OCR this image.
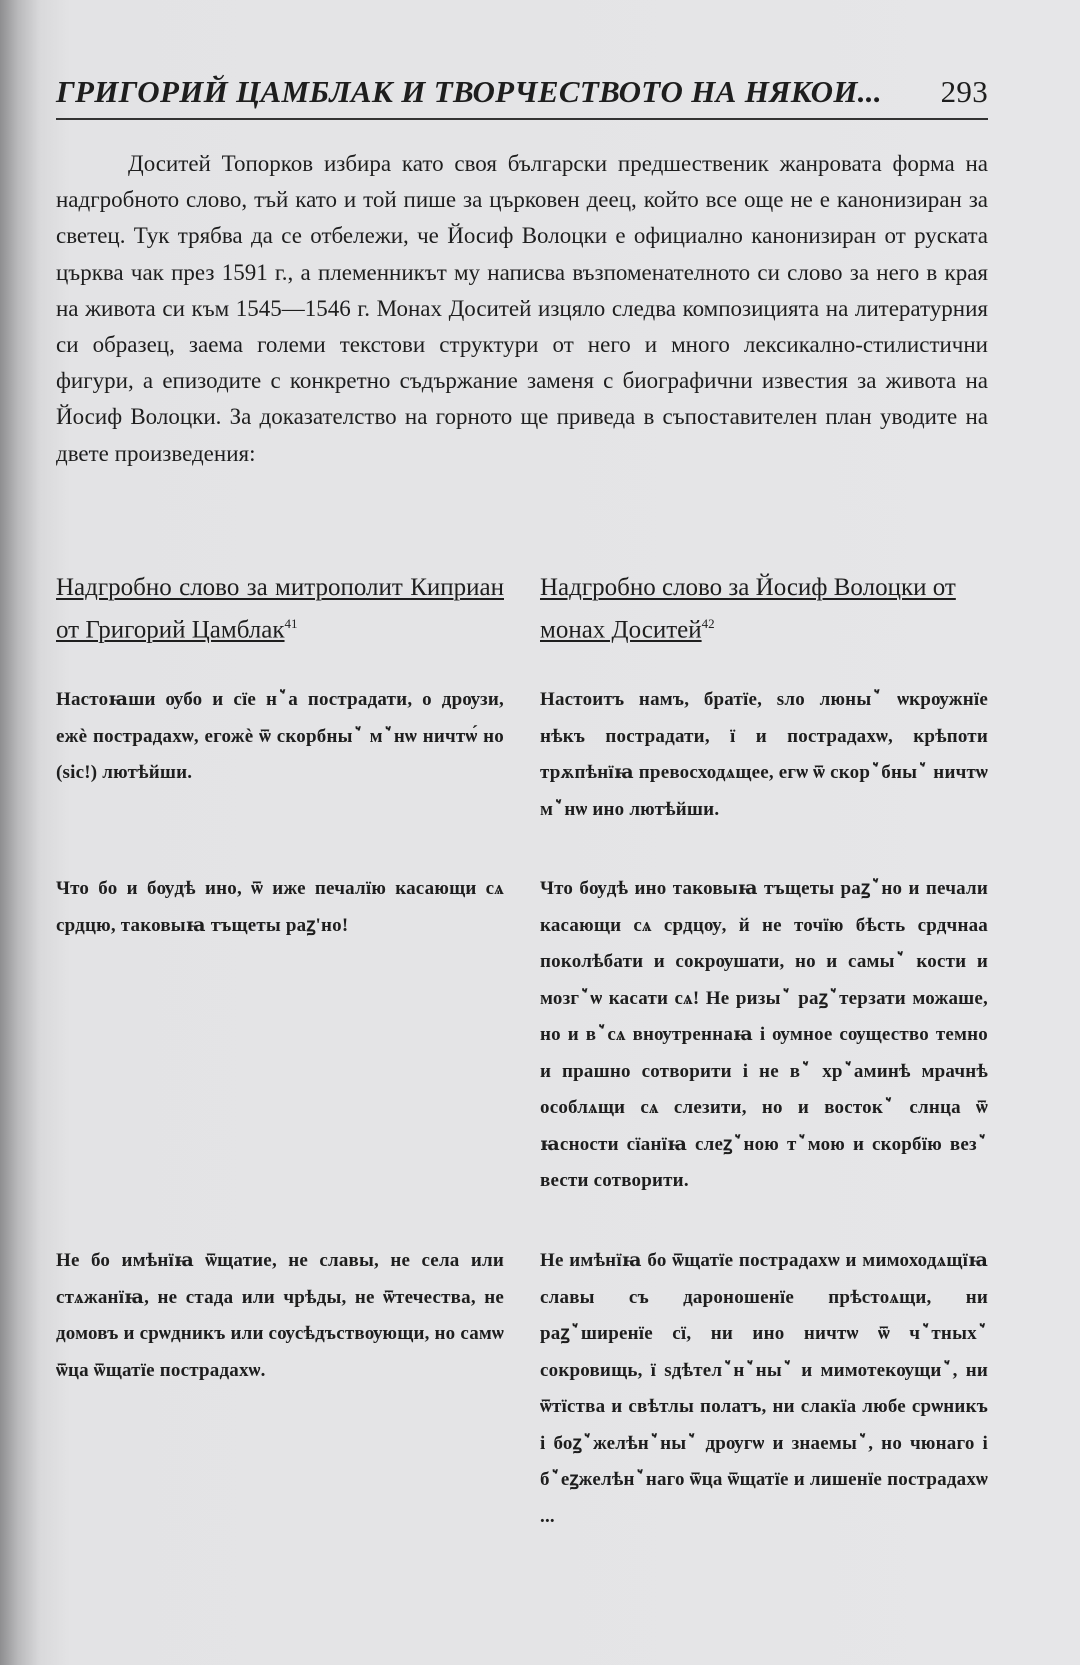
ГРИГОРИЙ ЦАМБЛАК И ТВОРЧЕСТВОТО НА НЯКОИ... 293

Доситей Топорков избира като своя български предшественик жанровата форма на надгробното слово, тъй като и той пише за църковен деец, който все още не е канонизиран за светец. Тук трябва да се отбележи, че Йосиф Волоцки е официално канонизиран от руската църква чак през 1591 г., а племенникът му написва възпоменателното си слово за него в края на живота си към 1545—1546 г. Монах Доситей изцяло следва композицията на литературния си образец, заема големи текстови структури от него и много лексикално-стилистични фигури, а епизодите с конкретно съдържание заменя с биографични известия за живота на Йосиф Волоцки. За доказателство на горното ще приведа в съпоставителен план уводите на двете произведения:

Надгробно слово за митрополит Киприан от Григорий Цамблак$^{41}$
Настоꙗши ѹбо и сїе нꙿа пострадати, о дрѹзи, ежѐ пострадахѡ, егожѐ ѿ скорбныꙿ мꙿнѡ ничтѡ́ но (sic!) лютѣйши.
Что бо и бѹдѣ ино, ѿ иже печалїю касающи сѧ срдцю, таковыꙗ тъщеты раꙁ'но!
Не бо имѣнїꙗ ѿщатие, не славы, не села или стѧжанїꙗ, не стада или чрѣды, не ѿтечества, не домовъ и срѡдникъ или сѹсѣдъствѹющи, но самѡ ѿца ѿщатїе пострадахѡ.
Надгробно слово за Йосиф Волоцки от монах Доситей$^{42}$
Настоитъ намъ, братїе, ѕло люныꙿ ѡкрѹжнїе нѣкъ пострадати, ї и пострадахѡ, крѣпоти трѫпѣнїꙗ превосходѧщее, егѡ ѿ скорꙿбныꙿ ничтѡ мꙿнѡ ино лютѣйши.
Что бѹдѣ ино таковыꙗ тъщеты раꙁꙿно и печали касающи сѧ срдцѹ, й не точїю бѣсть срдчнаа поколѣбати и сокрѹшати, но и самыꙿ кости и мозгꙿѡ касати сѧ! Не ризыꙿ раꙁꙿтерзати можаше, но и вꙿсѧ внѹтреннаꙗ і ѹмное сѹщество темно и прашно сотворити і не вꙿ хрꙿаминѣ мрачнѣ особлѧщи сѧ слезити, но и востокꙿ слнца ѿ ꙗсности сїанїꙗ слеꙁꙿною тꙿмою и скорбїю везꙿ вести сотворити.
Не имѣнїꙗ бо ѿщатїе пострадахѡ и мимоходѧщїꙗ славы съ дароношенїе прѣстоѧщи, ни раꙁꙿширенїе сї, ни ино ничтѡ ѿ чꙿтныхꙿ сокровищь, ї ѕдѣтелꙿнꙿныꙿ и мимотекѹщиꙿ, ни ѿтїства и свѣтлы полатъ, ни слакїа любе срѡникъ і боꙁꙿжелѣнꙿныꙿ дрѹгѡ и знаемыꙿ, но чюнаго і бꙿеꙁжелѣнꙿнаго ѿца ѿщатїе и лишенїе пострадахѡ ...
